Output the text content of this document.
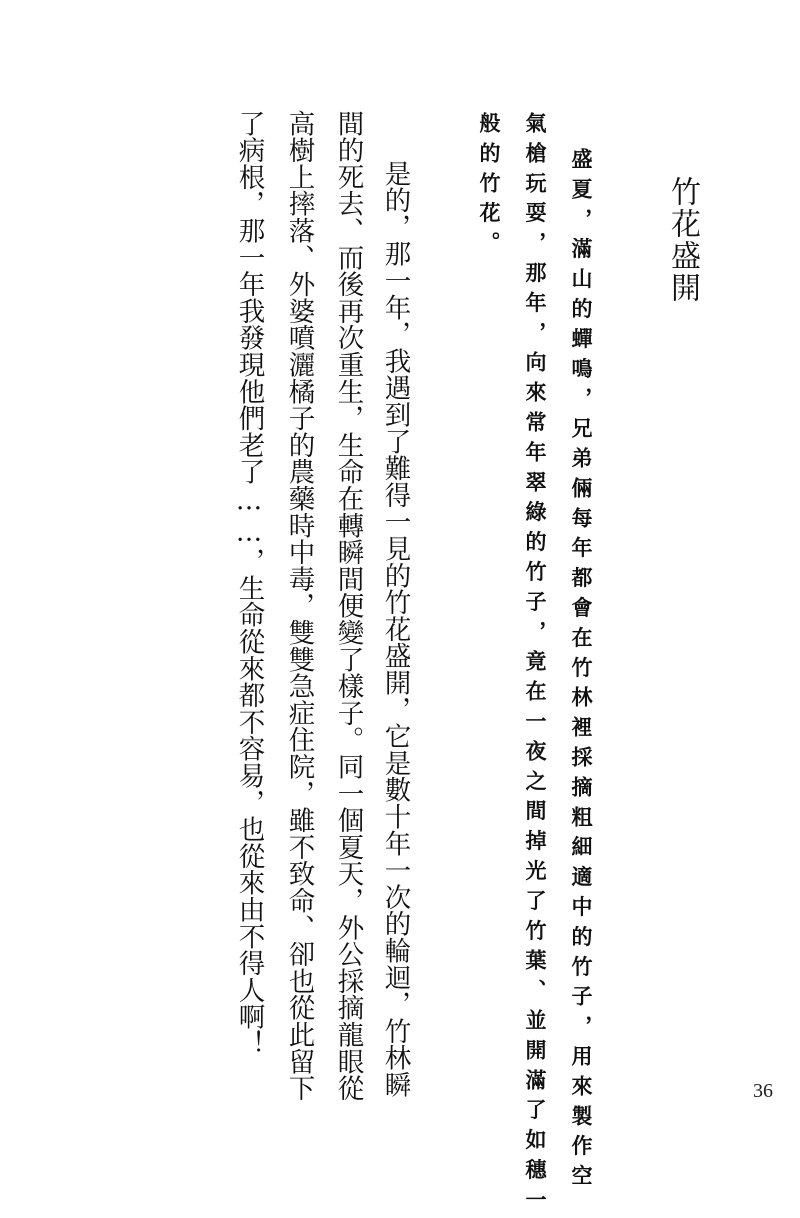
竹花盛開
盛夏，滿山的蟬鳴，兄弟倆每年都會在竹林裡採摘粗細適中的竹子，用來製作空
氣槍玩耍，那年，向來常年翠綠的竹子，竟在一夜之間掉光了竹葉、並開滿了如穗一
般的竹花。
是的，那一年，我遇到了難得一見的竹花盛開，它是數十年一次的輪迴，竹林瞬
間的死去、而後再次重生，生命在轉瞬間便變了樣子。同一個夏天，外公採摘龍眼從
高樹上摔落、外婆噴灑橘子的農藥時中毒，雙雙急症住院，雖不致命、卻也從此留下
了病根，那一年我發現他們老了……，生命從來都不容易，也從來由不得人啊！
36
